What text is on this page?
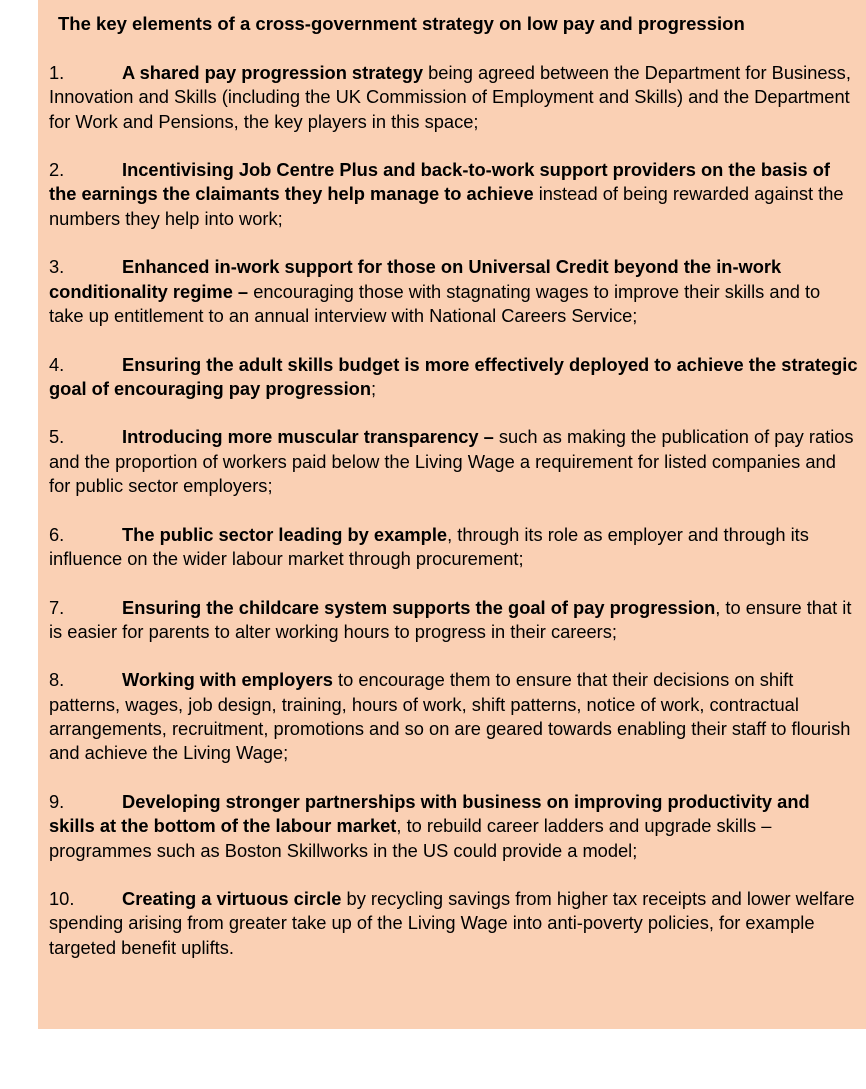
The key elements of a cross-government strategy on low pay and progression

1.	A shared pay progression strategy being agreed between the Department for Business, Innovation and Skills (including the UK Commission of Employment and Skills) and the Department for Work and Pensions, the key players in this space;

2.	Incentivising Job Centre Plus and back-to-work support providers on the basis of the earnings the claimants they help manage to achieve instead of being rewarded against the numbers they help into work;

3.	Enhanced in-work support for those on Universal Credit beyond the in-work conditionality regime – encouraging those with stagnating wages to improve their skills and to take up entitlement to an annual interview with National Careers Service;

4.	Ensuring the adult skills budget is more effectively deployed to achieve the strategic goal of encouraging pay progression;

5.	Introducing more muscular transparency – such as making the publication of pay ratios and the proportion of workers paid below the Living Wage a requirement for listed companies and for public sector employers;

6.	The public sector leading by example, through its role as employer and through its influence on the wider labour market through procurement;

7.	Ensuring the childcare system supports the goal of pay progression, to ensure that it is easier for parents to alter working hours to progress in their careers;

8.	Working with employers to encourage them to ensure that their decisions on shift patterns, wages, job design, training, hours of work, shift patterns, notice of work, contractual arrangements, recruitment, promotions and so on are geared towards enabling their staff to flourish and achieve the Living Wage;

9.	Developing stronger partnerships with business on improving productivity and skills at the bottom of the labour market, to rebuild career ladders and upgrade skills – programmes such as Boston Skillworks in the US could provide a model;

10.	Creating a virtuous circle by recycling savings from higher tax receipts and lower welfare spending arising from greater take up of the Living Wage into anti-poverty policies, for example targeted benefit uplifts.
